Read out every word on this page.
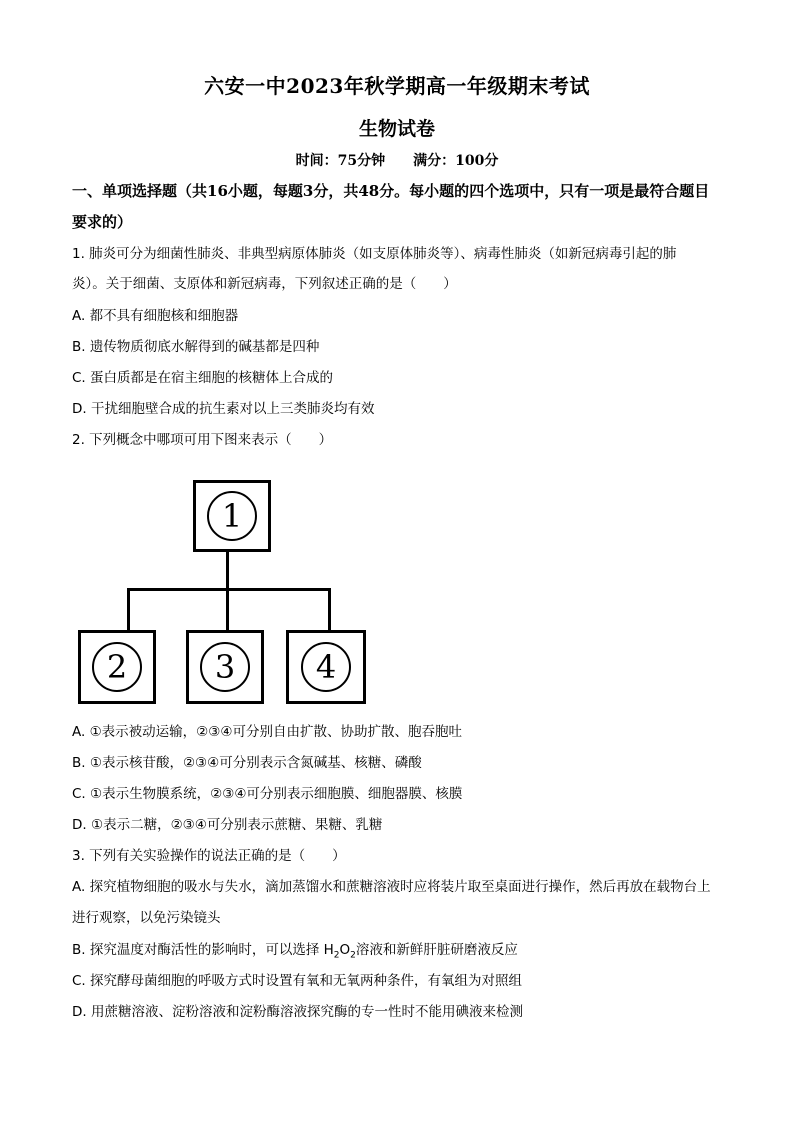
六安一中2023年秋学期高一年级期末考试
生物试卷
时间：75分钟　　满分：100分
一、单项选择题（共16小题，每题3分，共48分。每小题的四个选项中，只有一项是最符合题目要求的）
1. 肺炎可分为细菌性肺炎、非典型病原体肺炎（如支原体肺炎等）、病毒性肺炎（如新冠病毒引起的肺
炎）。关于细菌、支原体和新冠病毒，下列叙述正确的是（　　）
A. 都不具有细胞核和细胞器
B. 遗传物质彻底水解得到的碱基都是四种
C. 蛋白质都是在宿主细胞的核糖体上合成的
D. 干扰细胞壁合成的抗生素对以上三类肺炎均有效
2. 下列概念中哪项可用下图来表示（　　）
1
2	3	4
A. ①表示被动运输，②③④可分别自由扩散、协助扩散、胞吞胞吐
B. ①表示核苷酸，②③④可分别表示含氮碱基、核糖、磷酸
C. ①表示生物膜系统，②③④可分别表示细胞膜、细胞器膜、核膜
D. ①表示二糖，②③④可分别表示蔗糖、果糖、乳糖
3. 下列有关实验操作的说法正确的是（　　）
A. 探究植物细胞的吸水与失水，滴加蒸馏水和蔗糖溶液时应将装片取至桌面进行操作，然后再放在载物台上进行观察，以免污染镜头
B. 探究温度对酶活性的影响时，可以选择 $H_2O_2$溶液和新鲜肝脏研磨液反应
C. 探究酵母菌细胞的呼吸方式时设置有氧和无氧两种条件，有氧组为对照组
D. 用蔗糖溶液、淀粉溶液和淀粉酶溶液探究酶的专一性时不能用碘液来检测
